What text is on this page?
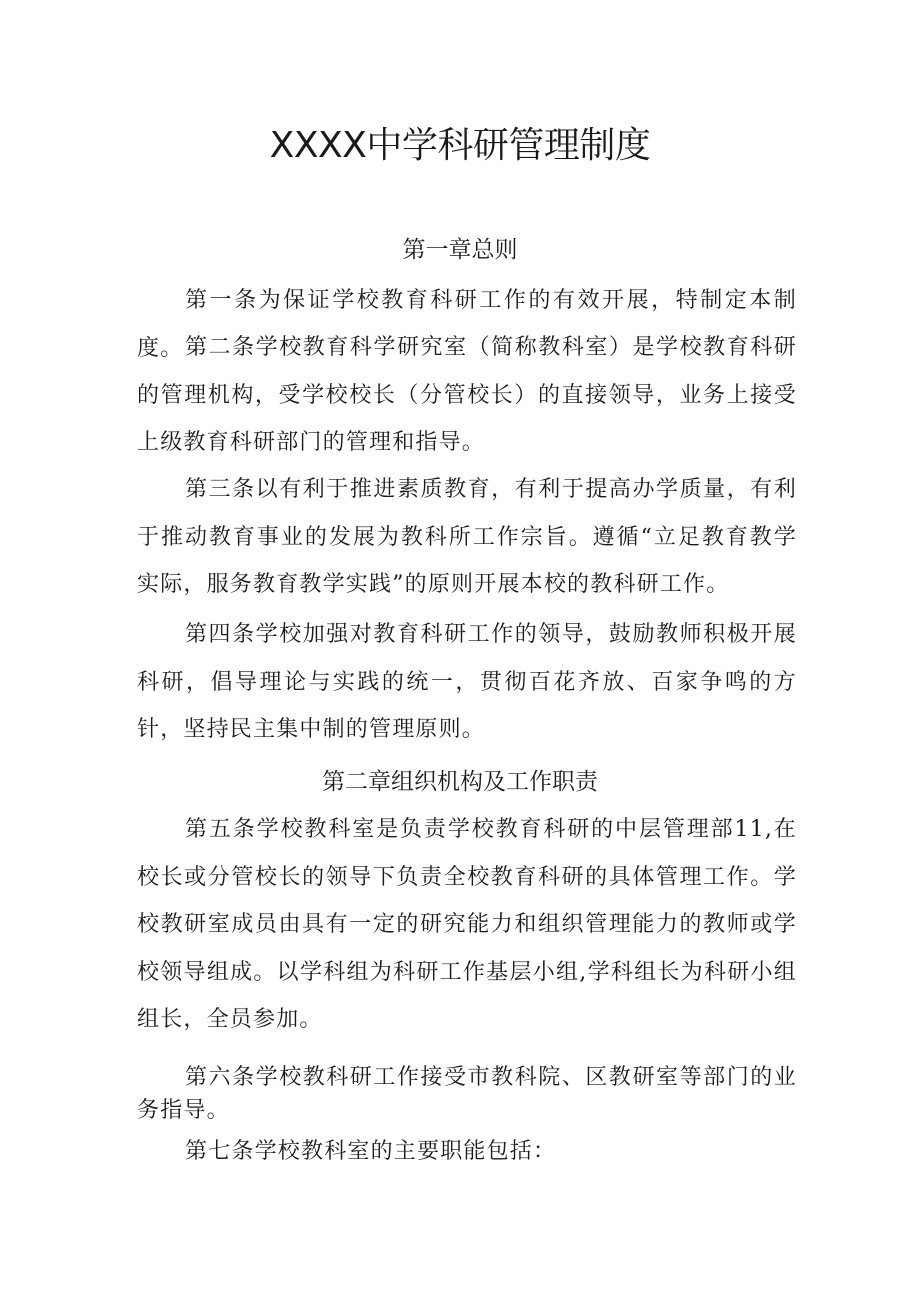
XXXX中学科研管理制度
第一章总则

第一条为保证学校教育科研工作的有效开展，特制定本制度。 第二条学校教育科学研究室（简称教科室）是学校教育科研的管理机构，受学校校长（分管校长）的直接领导，业务上接受上级教育科研部门的管理和指导。

第三条以有利于推进素质教育，有利于提高办学质量，有利于推动教育事业的发展为教科所工作宗旨。遵循“立足教育教学实际，服务教育教学实践”的原则开展本校的教科研工作。

第四条学校加强对教育科研工作的领导，鼓励教师积极开展科研，倡导理论与实践的统一，贯彻百花齐放、百家争鸣的方针，坚持民主集中制的管理原则。

第二章组织机构及工作职责

第五条学校教科室是负责学校教育科研的中层管理部11,在校长或分管校长的领导下负责全校教育科研的具体管理工作。学校教研室成员由具有一定的研究能力和组织管理能力的教师或学校领导组成。以学科组为科研工作基层小组,学科组长为科研小组组长，全员参加。

第六条学校教科研工作接受市教科院、区教研室等部门的业务指导。

第七条学校教科室的主要职能包括：
